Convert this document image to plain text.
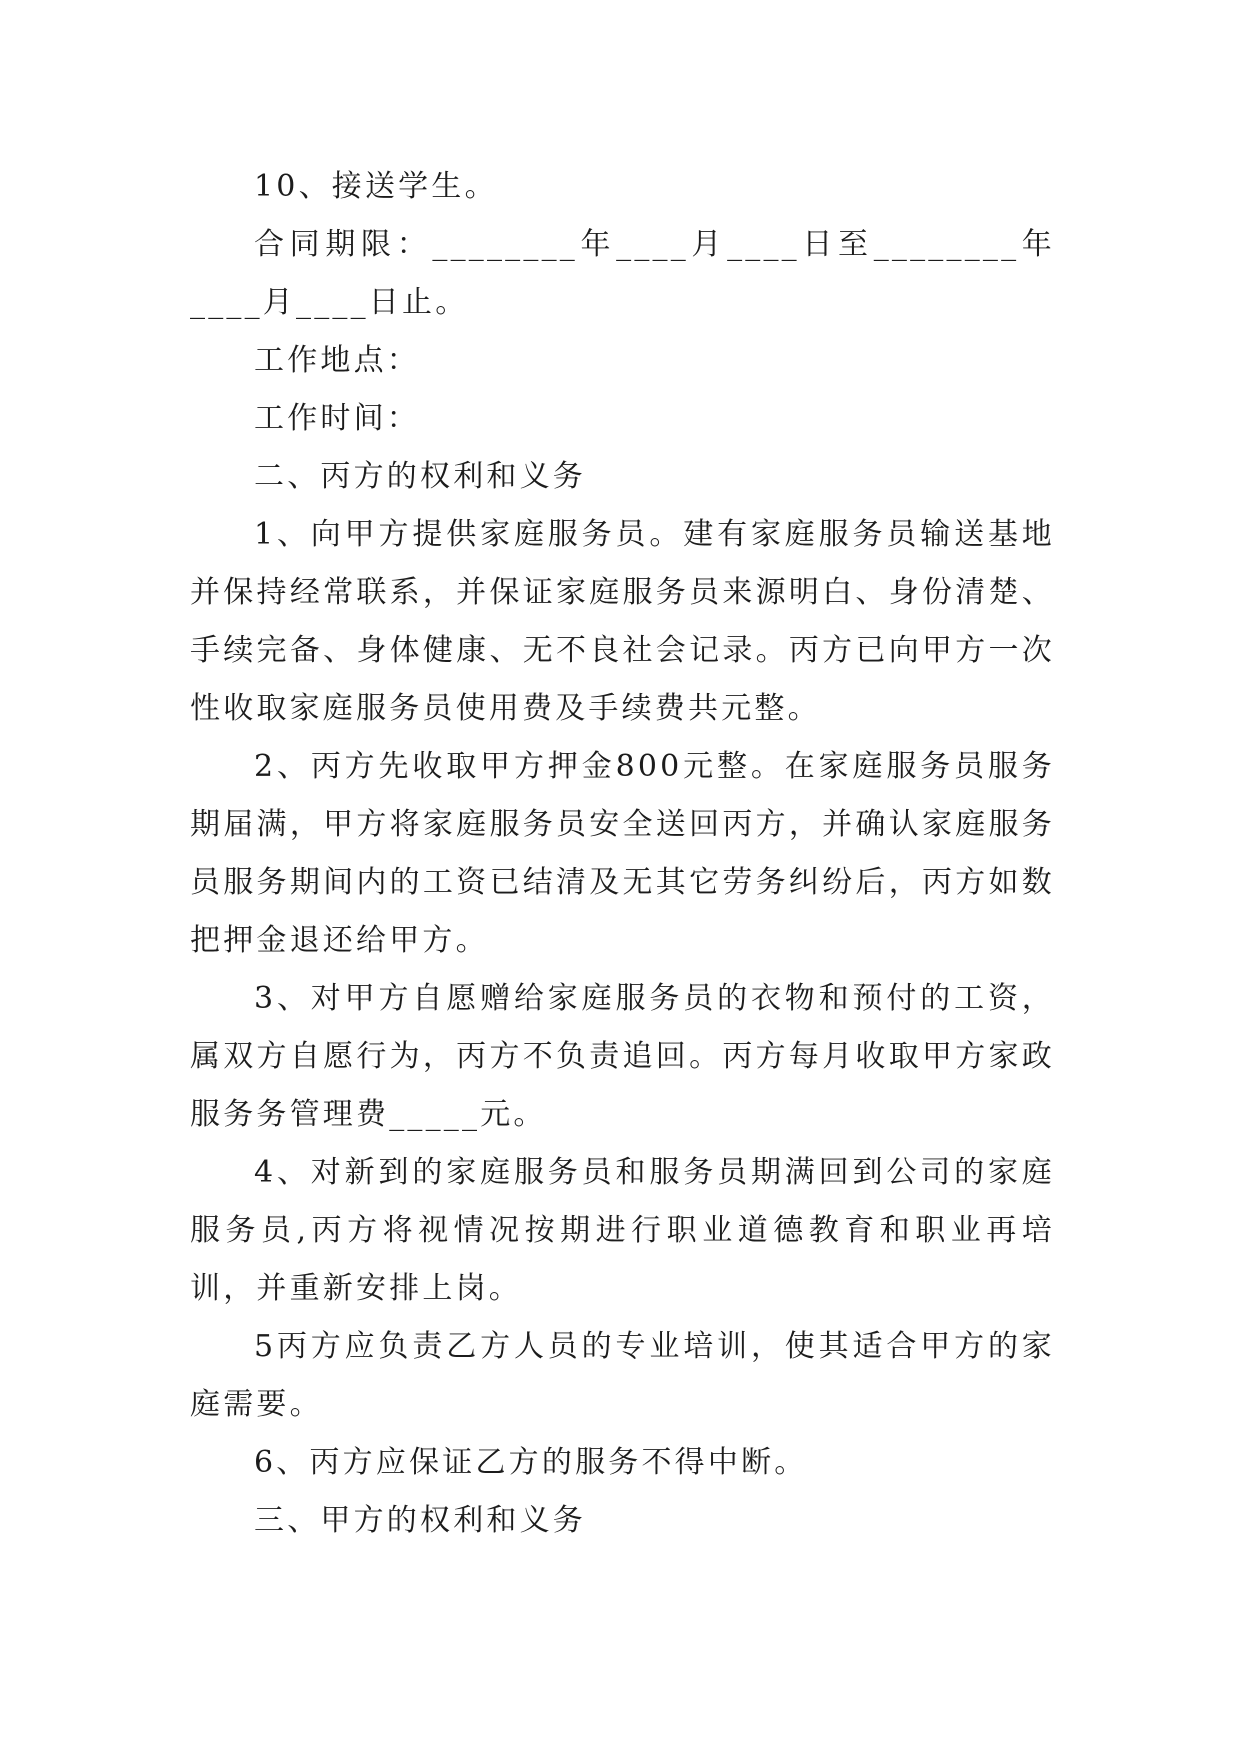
10、接送学生。

合同期限：________年____月____日至________年____月____日止。

工作地点：

工作时间：

二、丙方的权利和义务

1、向甲方提供家庭服务员。建有家庭服务员输送基地并保持经常联系，并保证家庭服务员来源明白、身份清楚、手续完备、身体健康、无不良社会记录。丙方已向甲方一次性收取家庭服务员使用费及手续费共元整。

2、丙方先收取甲方押金800元整。在家庭服务员服务期届满，甲方将家庭服务员安全送回丙方，并确认家庭服务员服务期间内的工资已结清及无其它劳务纠纷后，丙方如数把押金退还给甲方。

3、对甲方自愿赠给家庭服务员的衣物和预付的工资，属双方自愿行为，丙方不负责追回。丙方每月收取甲方家政服务务管理费_____元。

4、对新到的家庭服务员和服务员期满回到公司的家庭服务员,丙方将视情况按期进行职业道德教育和职业再培训，并重新安排上岗。

5丙方应负责乙方人员的专业培训，使其适合甲方的家庭需要。

6、丙方应保证乙方的服务不得中断。

三、甲方的权利和义务
